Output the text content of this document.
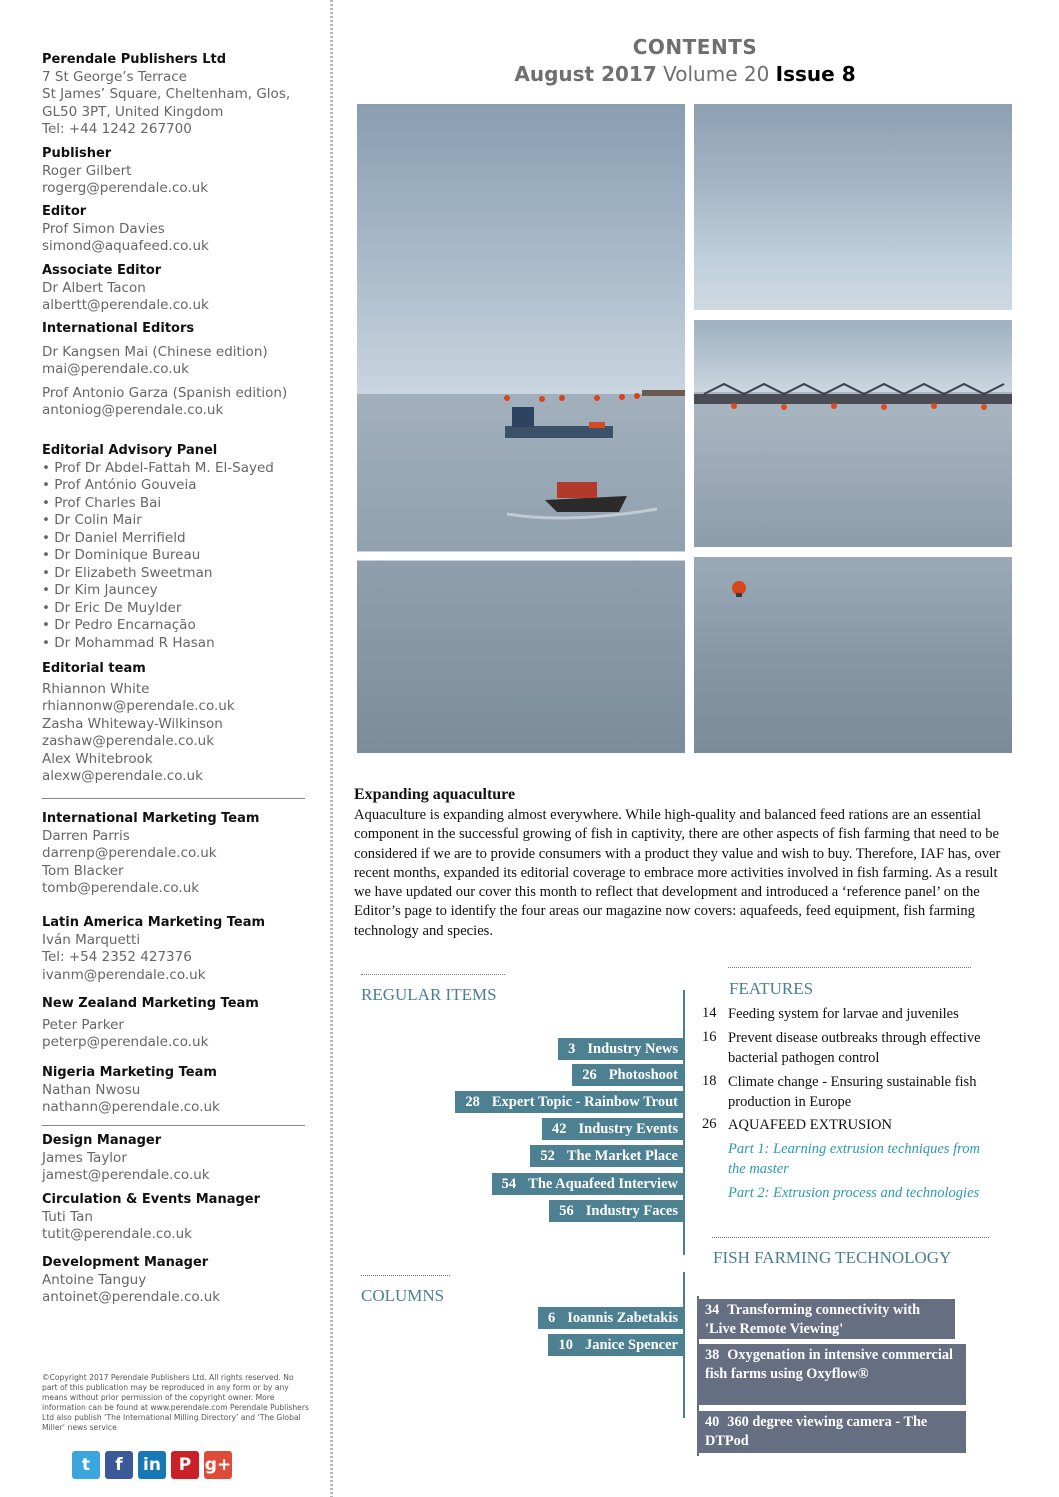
Perendale Publishers Ltd
7 St George’s Terrace
St James’ Square, Cheltenham, Glos,
GL50 3PT, United Kingdom
Tel: +44 1242 267700
Publisher
Roger Gilbert
rogerg@perendale.co.uk
Editor
Prof Simon Davies
simond@aquafeed.co.uk
Associate Editor
Dr Albert Tacon
albertt@perendale.co.uk
International Editors
Dr Kangsen Mai (Chinese edition)
mai@perendale.co.uk
Prof Antonio Garza (Spanish edition)
antoniog@perendale.co.uk
Editorial Advisory Panel
• Prof Dr Abdel-Fattah M. El-Sayed
• Prof António Gouveia
• Prof Charles Bai
• Dr Colin Mair
• Dr Daniel Merrifield
• Dr Dominique Bureau
• Dr Elizabeth Sweetman
• Dr Kim Jauncey
• Dr Eric De Muylder
• Dr Pedro Encarnação
• Dr Mohammad R Hasan
Editorial team
Rhiannon White
rhiannonw@perendale.co.uk
Zasha Whiteway-Wilkinson
zashaw@perendale.co.uk
Alex Whitebrook
alexw@perendale.co.uk
International Marketing Team
Darren Parris
darrenp@perendale.co.uk
Tom Blacker
tomb@perendale.co.uk
Latin America Marketing Team
Iván Marquetti
Tel: +54 2352 427376
ivanm@perendale.co.uk
New Zealand Marketing Team
Peter Parker
peterp@perendale.co.uk
Nigeria Marketing Team
Nathan Nwosu
nathann@perendale.co.uk
Design Manager
James Taylor
jamest@perendale.co.uk
Circulation & Events Manager
Tuti Tan
tutit@perendale.co.uk
Development Manager
Antoine Tanguy
antoinet@perendale.co.uk
©Copyright 2017 Perendale Publishers Ltd. All rights reserved. No part of this publication may be reproduced in any form or by any means without prior permission of the copyright owner. More information can be found at www.perendale.com Perendale Publishers Ltd also publish ‘The International Milling Directory’ and ‘The Global Miller’ news service
t	f	in	P g+
CONTENTS
August 2017 Volume 20 Issue 8
Expanding aquaculture
Aquaculture is expanding almost everywhere. While high-quality and balanced feed rations are an essential component in the successful growing of fish in captivity, there are other aspects of fish farming that need to be considered if we are to provide consumers with a product they value and wish to buy. Therefore, IAF has, over recent months, expanded its editorial coverage to embrace more activities involved in fish farming. As a result we have updated our cover this month to reflect that development and introduced a ‘reference panel’ on the Editor’s page to identify the four areas our magazine now covers: aquafeeds, feed equipment, fish farming technology and species.
REGULAR ITEMS
3 Industry News
26 Photoshoot
28 Expert Topic - Rainbow Trout
42 Industry Events
52 The Market Place
54 The Aquafeed Interview
56 Industry Faces
COLUMNS
6 Ioannis Zabetakis
10 Janice Spencer
FEATURES
14 Feeding system for larvae and juveniles
16 Prevent disease outbreaks through effective bacterial pathogen control
18 Climate change - Ensuring sustainable fish production in Europe
26 AQUAFEED EXTRUSION
Part 1: Learning extrusion techniques from the master
Part 2: Extrusion process and technologies
FISH FARMING TECHNOLOGY
34 Transforming connectivity with 'Live Remote Viewing'
38 Oxygenation in intensive commercial fish farms using Oxyflow®
40 360 degree viewing camera - The DTPod
